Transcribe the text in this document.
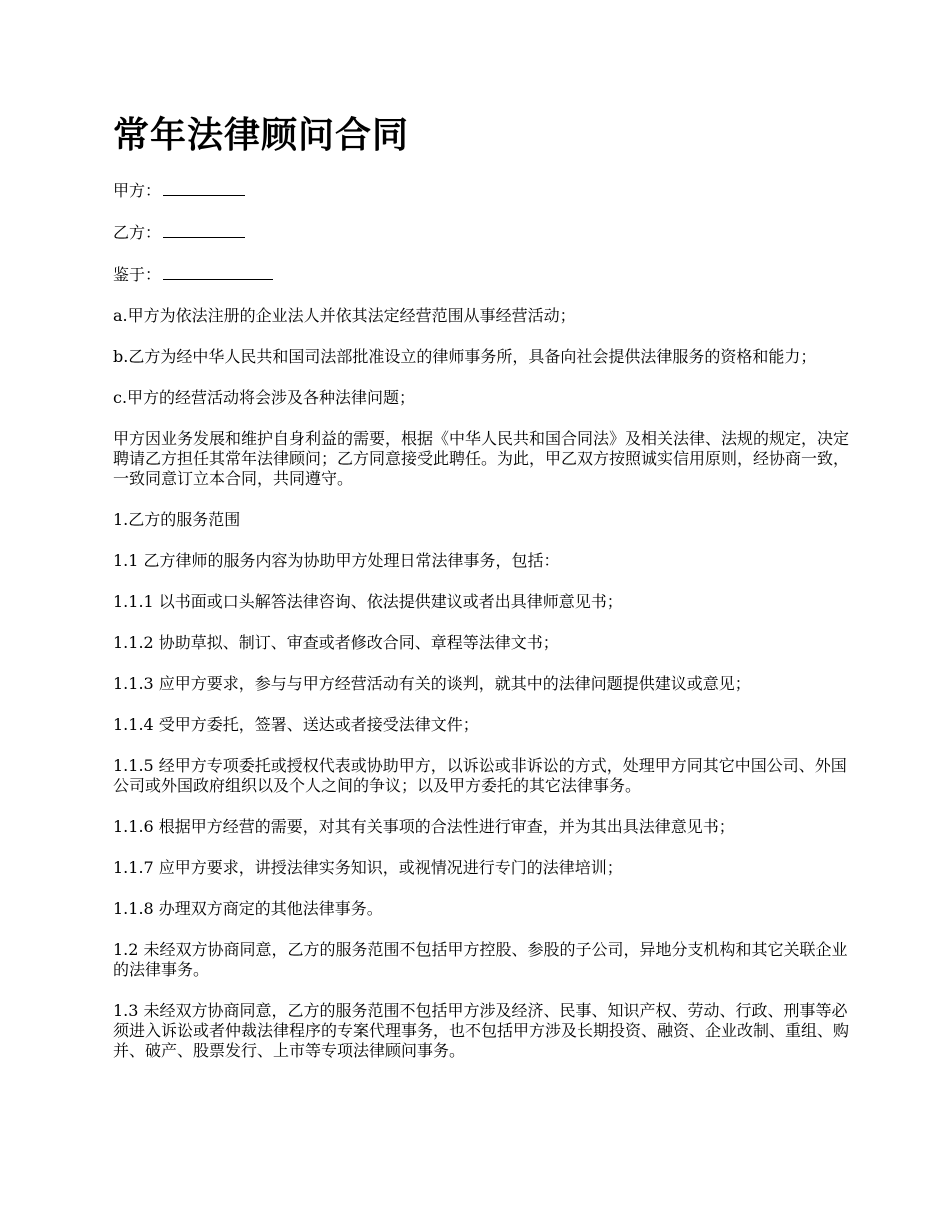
常年法律顾问合同
甲方：
乙方：
鉴于：

a.甲方为依法注册的企业法人并依其法定经营范围从事经营活动；

b.乙方为经中华人民共和国司法部批准设立的律师事务所，具备向社会提供法律服务的资格和能力；

c.甲方的经营活动将会涉及各种法律问题；

甲方因业务发展和维护自身利益的需要，根据《中华人民共和国合同法》及相关法律、法规的规定，决定聘请乙方担任其常年法律顾问；乙方同意接受此聘任。为此，甲乙双方按照诚实信用原则，经协商一致，一致同意订立本合同，共同遵守。

1.乙方的服务范围

1.1 乙方律师的服务内容为协助甲方处理日常法律事务，包括：

1.1.1 以书面或口头解答法律咨询、依法提供建议或者出具律师意见书；

1.1.2 协助草拟、制订、审查或者修改合同、章程等法律文书；

1.1.3 应甲方要求，参与与甲方经营活动有关的谈判，就其中的法律问题提供建议或意见；

1.1.4 受甲方委托，签署、送达或者接受法律文件；

1.1.5 经甲方专项委托或授权代表或协助甲方，以诉讼或非诉讼的方式，处理甲方同其它中国公司、外国公司或外国政府组织以及个人之间的争议；以及甲方委托的其它法律事务。

1.1.6 根据甲方经营的需要，对其有关事项的合法性进行审查，并为其出具法律意见书；

1.1.7 应甲方要求，讲授法律实务知识，或视情况进行专门的法律培训；

1.1.8 办理双方商定的其他法律事务。

1.2 未经双方协商同意，乙方的服务范围不包括甲方控股、参股的子公司，异地分支机构和其它关联企业的法律事务。

1.3 未经双方协商同意，乙方的服务范围不包括甲方涉及经济、民事、知识产权、劳动、行政、刑事等必须进入诉讼或者仲裁法律程序的专案代理事务，也不包括甲方涉及长期投资、融资、企业改制、重组、购并、破产、股票发行、上市等专项法律顾问事务。
